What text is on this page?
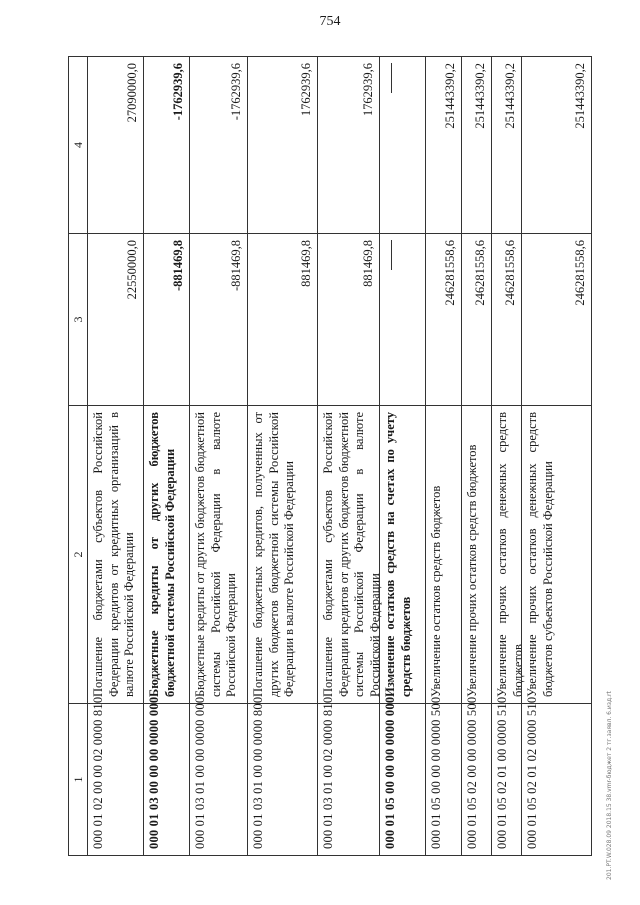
754
1
2
3
4
000 01 02 00 00 02 0000 810
Погашение бюджетами субъектов Российской Федерации кредитов от кредитных организаций в валюте Российской Федерации
22550000,0
27090000,0
000 01 03 00 00 00 0000 000
Бюджетные кредиты от других бюджетов бюджетной системы Российской Федерации
-881469,8
-1762939,6
000 01 03 01 00 00 0000 000
Бюджетные кредиты от других бюджетов бюджетной системы Российской Федерации в валюте Российской Федерации
-881469,8
-1762939,6
000 01 03 01 00 00 0000 800
Погашение бюджетных кредитов, полученных от других бюджетов бюджетной системы Российской Федерации в валюте Российской Федерации
881469,8
1762939,6
000 01 03 01 00 02 0000 810
Погашение бюджетами субъектов Российской Федерации кредитов от других бюджетов бюджетной системы Российской Федерации в валюте Российской Федерации
881469,8
1762939,6
000 01 05 00 00 00 0000 000
Изменение остатков средств на счетах по учету средств бюджетов
000 01 05 00 00 00 0000 500
Увеличение остатков средств бюджетов
246281558,6
251443390,2
000 01 05 02 00 00 0000 500
Увеличение прочих остатков средств бюджетов
246281558,6
251443390,2
000 01 05 02 01 00 0000 510
Увеличение прочих остатков денежных средств бюджетов
246281558,6
251443390,2
000 01 05 02 01 02 0000 510
Увеличение прочих остатков денежных средств бюджетов субъектов Российской Федерации
246281558,6
251443390,2
201.PT.W.028.09 2018.15 38.vmr-бюджет 2 тг.заявл. 6.изд.rt
